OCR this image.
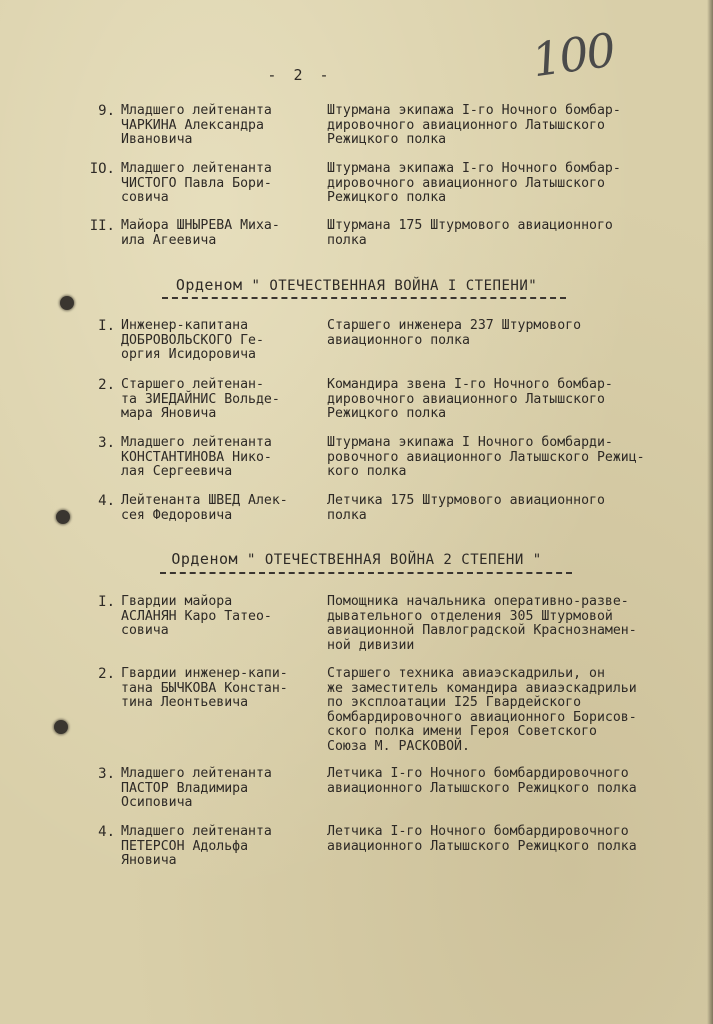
- 2 -	100
9. Младшего лейтенанта
ЧАРКИНА Александра
Ивановича
Штурмана экипажа I-го Ночного бомбар-
дировочного авиационного Латышского
Режицкого полка
IO. Младшего лейтенанта
ЧИСТОГО Павла Бори-
совича
Штурмана экипажа I-го Ночного бомбар-
дировочного авиационного Латышского
Режицкого полка
II. Майора ШНЫРЕВА Миха-
ила Агеевича
Штурмана 175 Штурмового авиационного
полка
Орденом " ОТЕЧЕСТВЕННАЯ ВОЙНА I СТЕПЕНИ"
I. Инженер-капитана
ДОБРОВОЛЬСКОГО Ге-
оргия Исидоровича
Старшего инженера 237 Штурмового
авиационного полка
2. Старшего лейтенан-
та ЗИЕДАЙНИС Вольде-
мара Яновича
Командира звена I-го Ночного бомбар-
дировочного авиационного Латышского
Режицкого полка
3. Младшего лейтенанта
КОНСТАНТИНОВА Нико-
лая Сергеевича
Штурмана экипажа I Ночного бомбарди-
ровочного авиационного Латышского Режиц-
кого полка
4. Лейтенанта ШВЕД Алек-
сея Федоровича
Летчика 175 Штурмового авиационного
полка
Орденом " ОТЕЧЕСТВЕННАЯ ВОЙНА 2 СТЕПЕНИ "
I. Гвардии майора
АСЛАНЯН Каро Татео-
совича
Помощника начальника оперативно-разве-
дывательного отделения 305 Штурмовой
авиационной Павлоградской Краснознамен-
ной дивизии
2. Гвардии инженер-капи-
тана БЫЧКОВА Констан-
тина Леонтьевича
Старшего техника авиаэскадрильи, он
же заместитель командира авиаэскадрильи
по эксплоатации I25 Гвардейского
бомбардировочного авиационного Борисов-
ского полка имени Героя Советского
Союза М. РАСКОВОЙ.
3. Младшего лейтенанта
ПАСТОР Владимира
Осиповича
Летчика I-го Ночного бомбардировочного
авиационного Латышского Режицкого полка
4. Младшего лейтенанта
ПЕТЕРСОН Адольфа
Яновича
Летчика I-го Ночного бомбардировочного
авиационного Латышского Режицкого полка
